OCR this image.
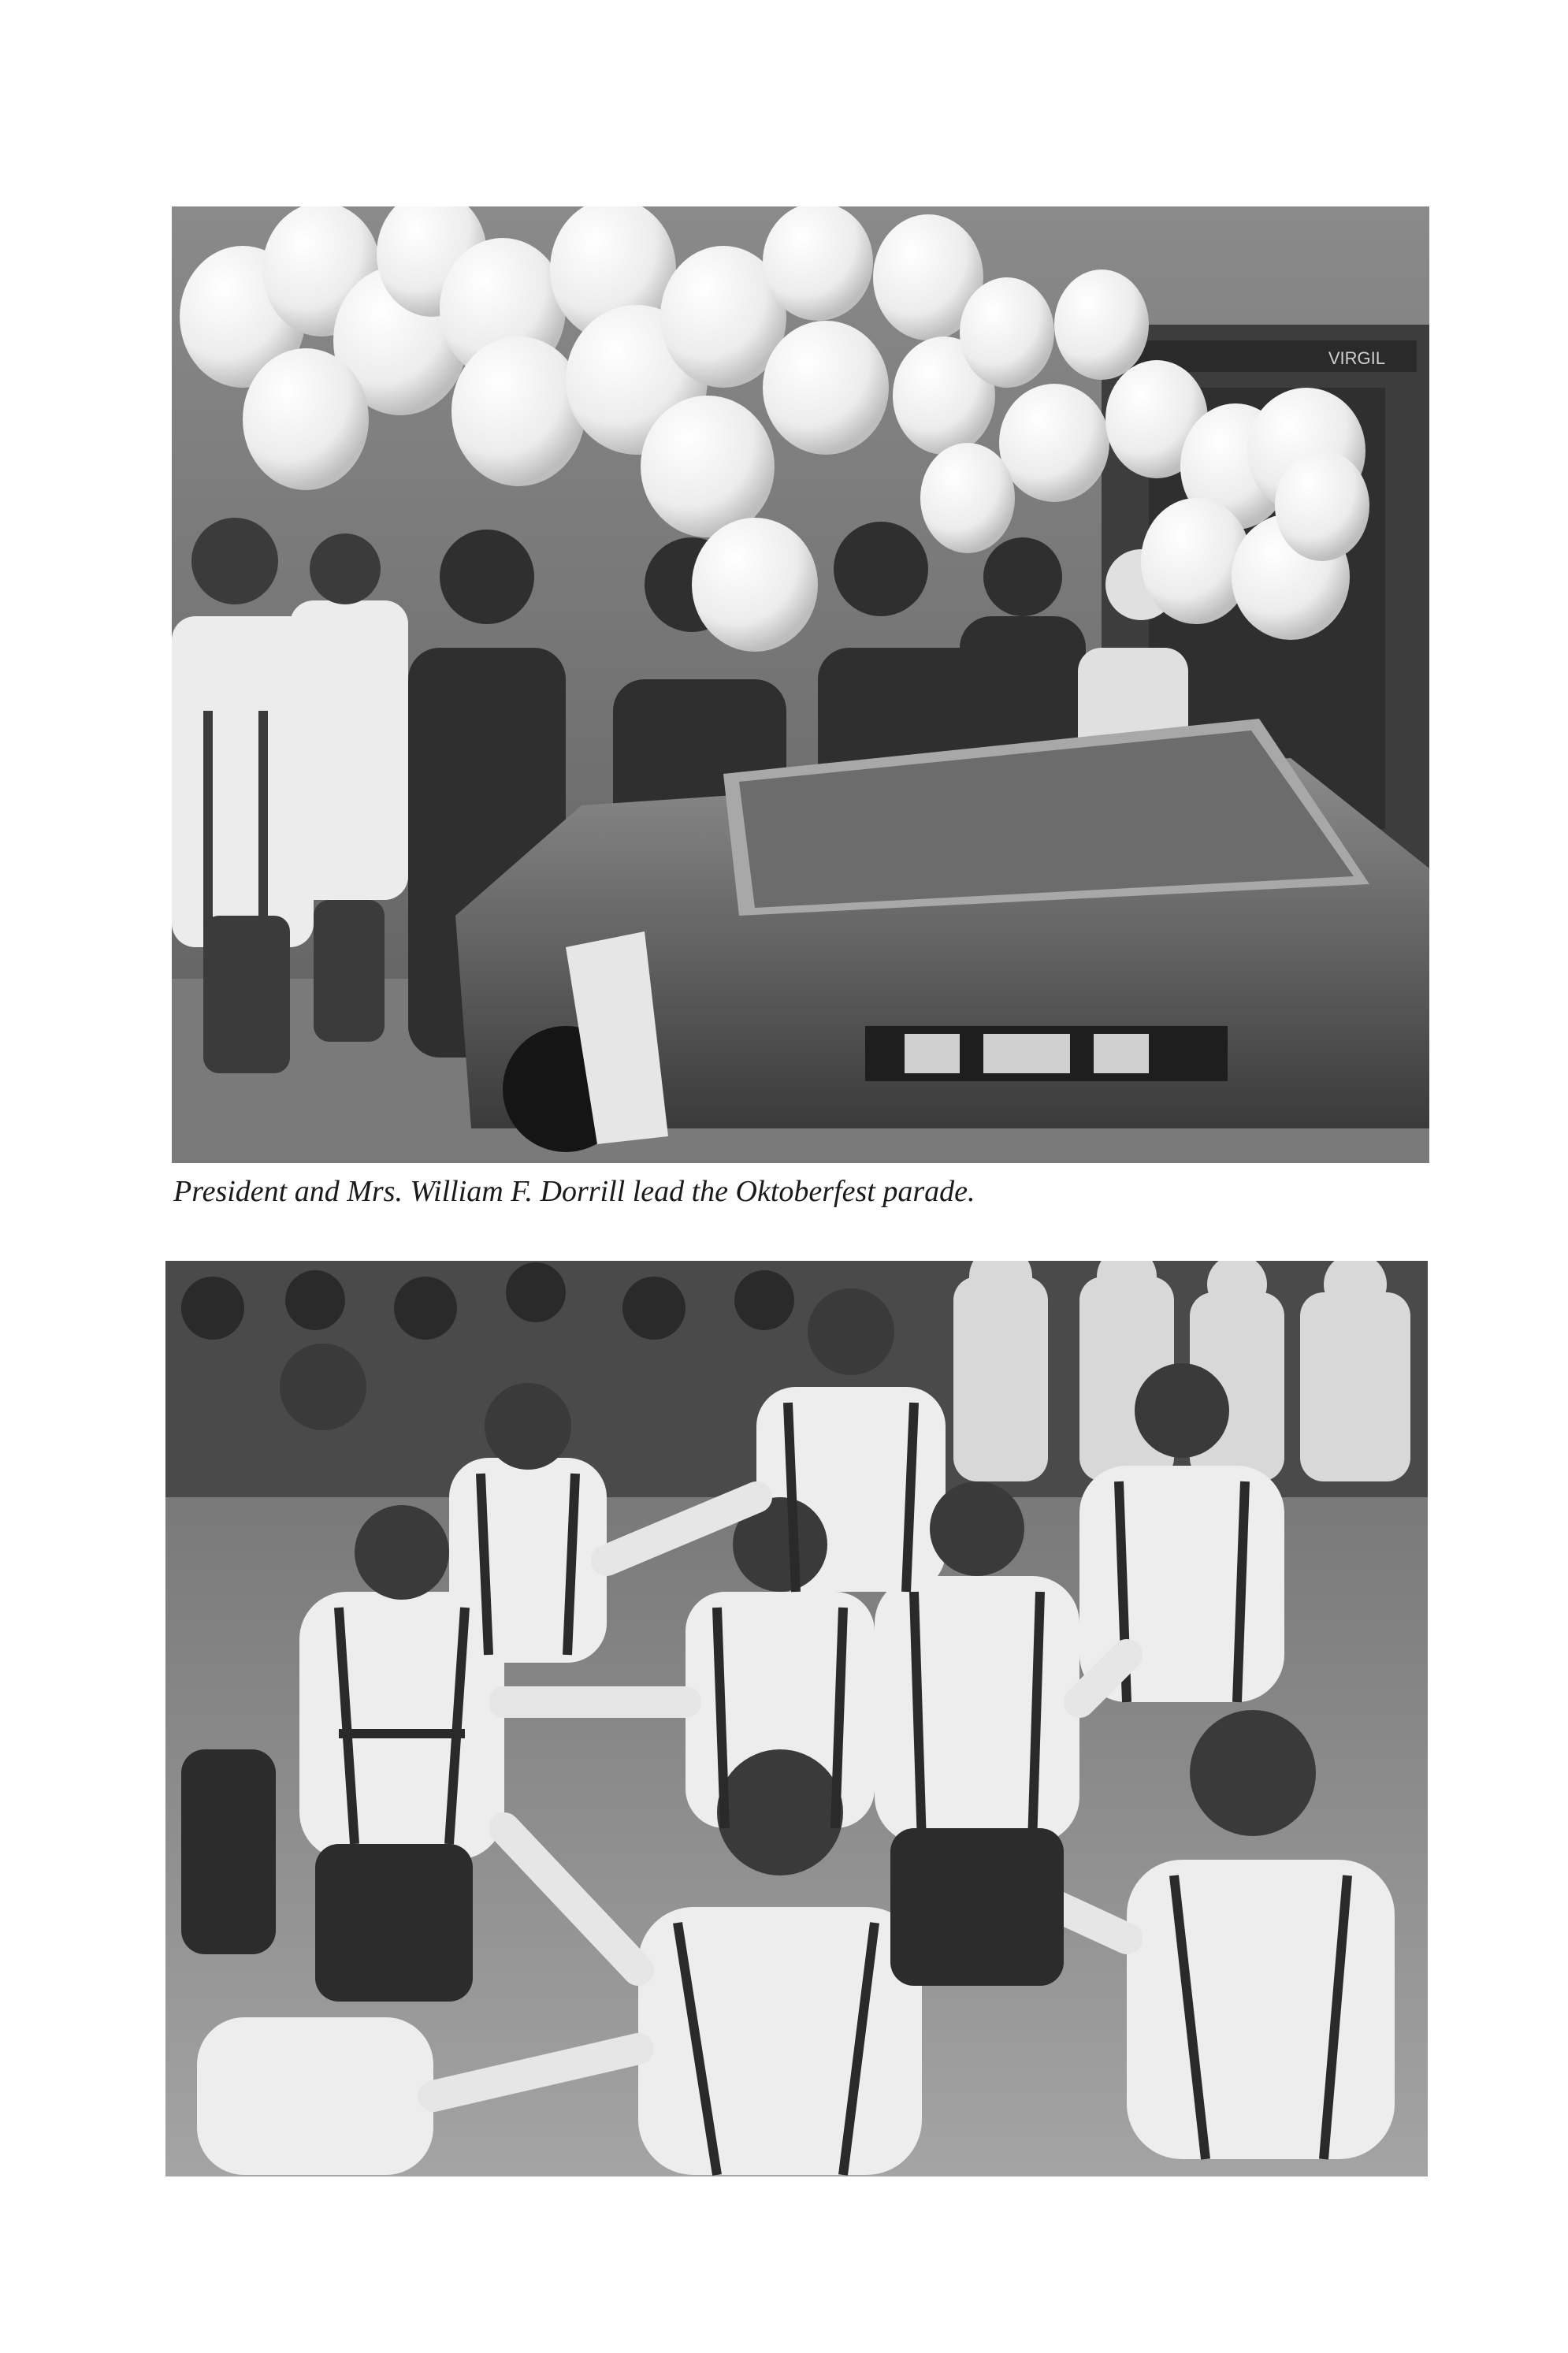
VIRGIL
President and Mrs. William F. Dorrill lead the Oktoberfest parade.
